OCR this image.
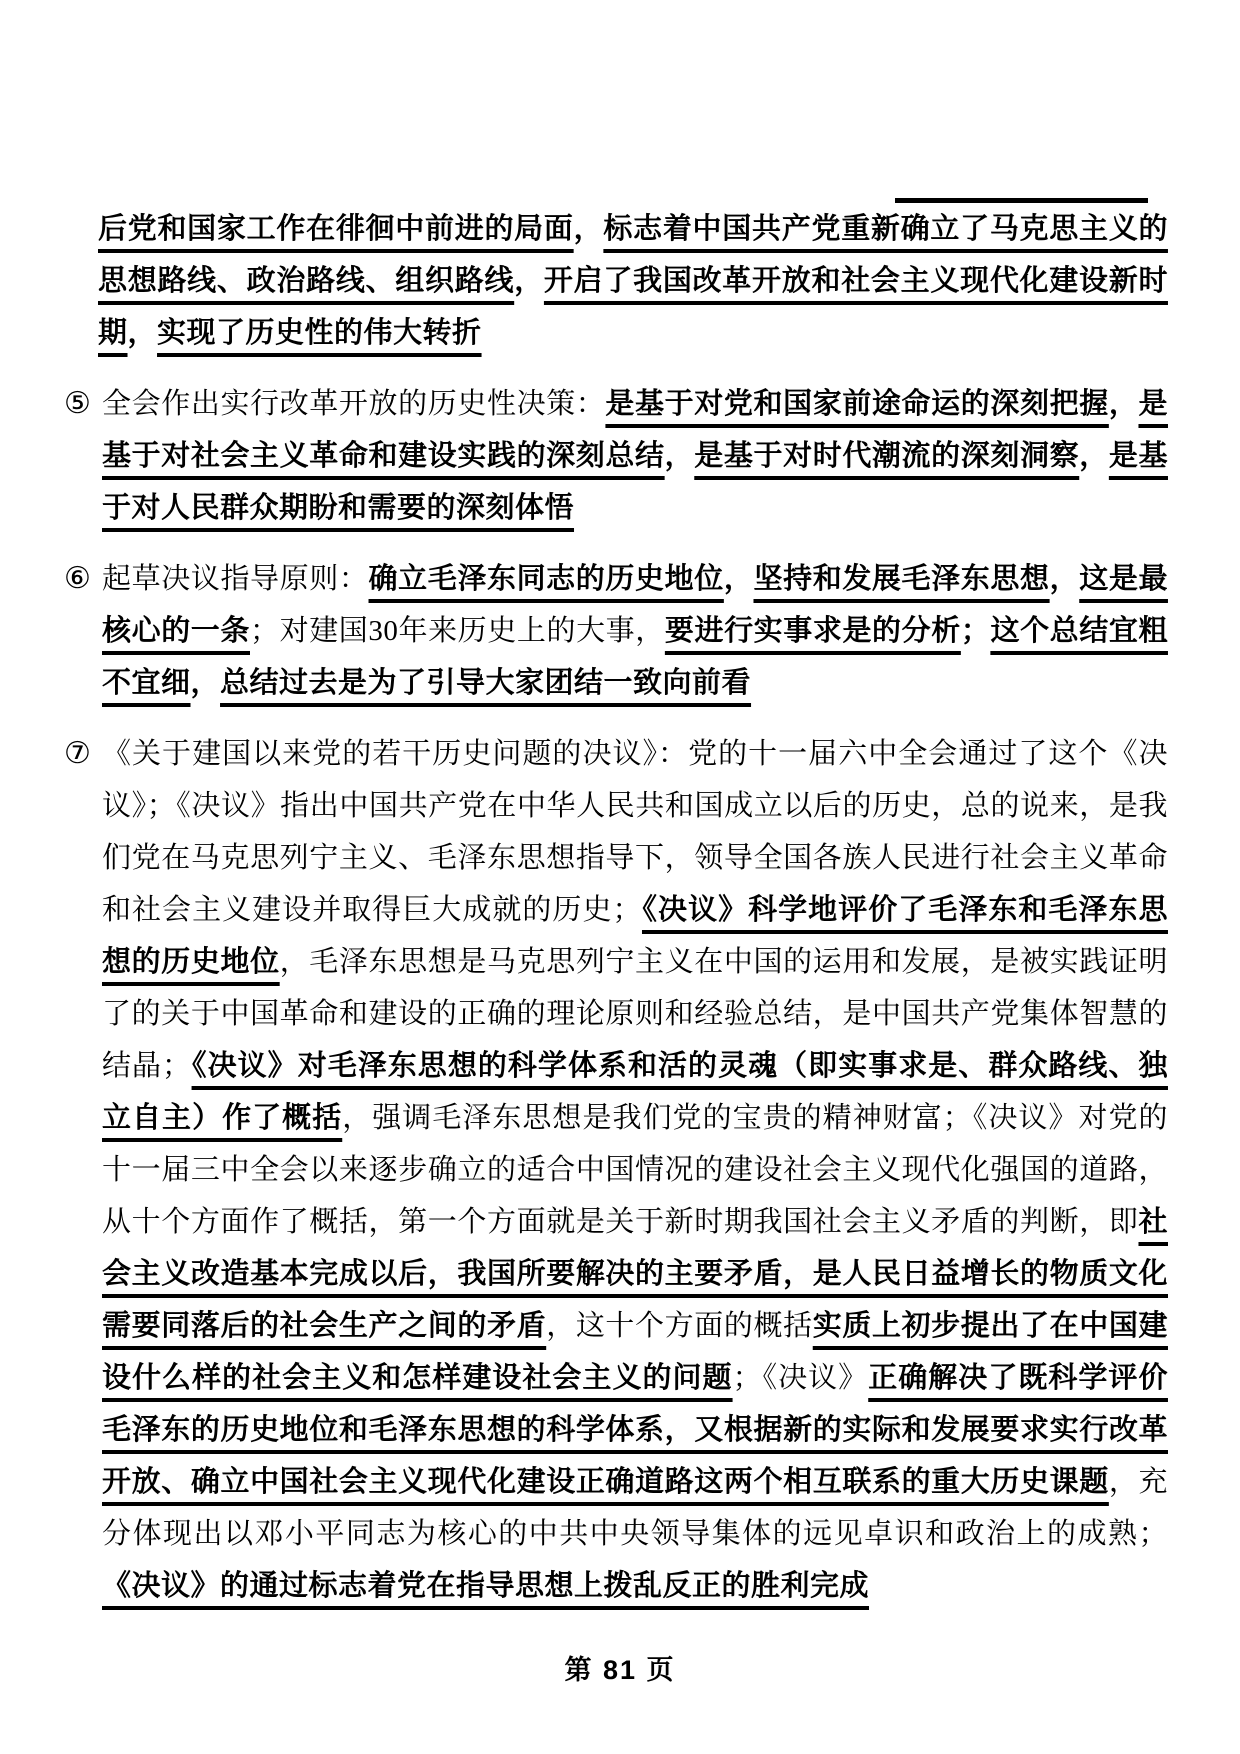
后党和国家工作在徘徊中前进的局面，标志着中国共产党重新确立了马克思主义的思想路线、政治路线、组织路线，开启了我国改革开放和社会主义现代化建设新时期，实现了历史性的伟大转折
⑤ 全会作出实行改革开放的历史性决策：是基于对党和国家前途命运的深刻把握，是基于对社会主义革命和建设实践的深刻总结，是基于对时代潮流的深刻洞察，是基于对人民群众期盼和需要的深刻体悟
⑥ 起草决议指导原则：确立毛泽东同志的历史地位，坚持和发展毛泽东思想，这是最核心的一条；对建国30年来历史上的大事，要进行实事求是的分析；这个总结宜粗不宜细，总结过去是为了引导大家团结一致向前看
⑦ 《关于建国以来党的若干历史问题的决议》：党的十一届六中全会通过了这个《决议》；《决议》指出中国共产党在中华人民共和国成立以后的历史，总的说来，是我们党在马克思列宁主义、毛泽东思想指导下，领导全国各族人民进行社会主义革命和社会主义建设并取得巨大成就的历史；《决议》科学地评价了毛泽东和毛泽东思想的历史地位，毛泽东思想是马克思列宁主义在中国的运用和发展，是被实践证明了的关于中国革命和建设的正确的理论原则和经验总结，是中国共产党集体智慧的结晶；《决议》对毛泽东思想的科学体系和活的灵魂（即实事求是、群众路线、独立自主）作了概括，强调毛泽东思想是我们党的宝贵的精神财富；《决议》对党的十一届三中全会以来逐步确立的适合中国情况的建设社会主义现代化强国的道路，从十个方面作了概括，第一个方面就是关于新时期我国社会主义矛盾的判断，即社会主义改造基本完成以后，我国所要解决的主要矛盾，是人民日益增长的物质文化需要同落后的社会生产之间的矛盾，这十个方面的概括实质上初步提出了在中国建设什么样的社会主义和怎样建设社会主义的问题；《决议》正确解决了既科学评价毛泽东的历史地位和毛泽东思想的科学体系，又根据新的实际和发展要求实行改革开放、确立中国社会主义现代化建设正确道路这两个相互联系的重大历史课题，充分体现出以邓小平同志为核心的中共中央领导集体的远见卓识和政治上的成熟；《决议》的通过标志着党在指导思想上拨乱反正的胜利完成
第 81 页
